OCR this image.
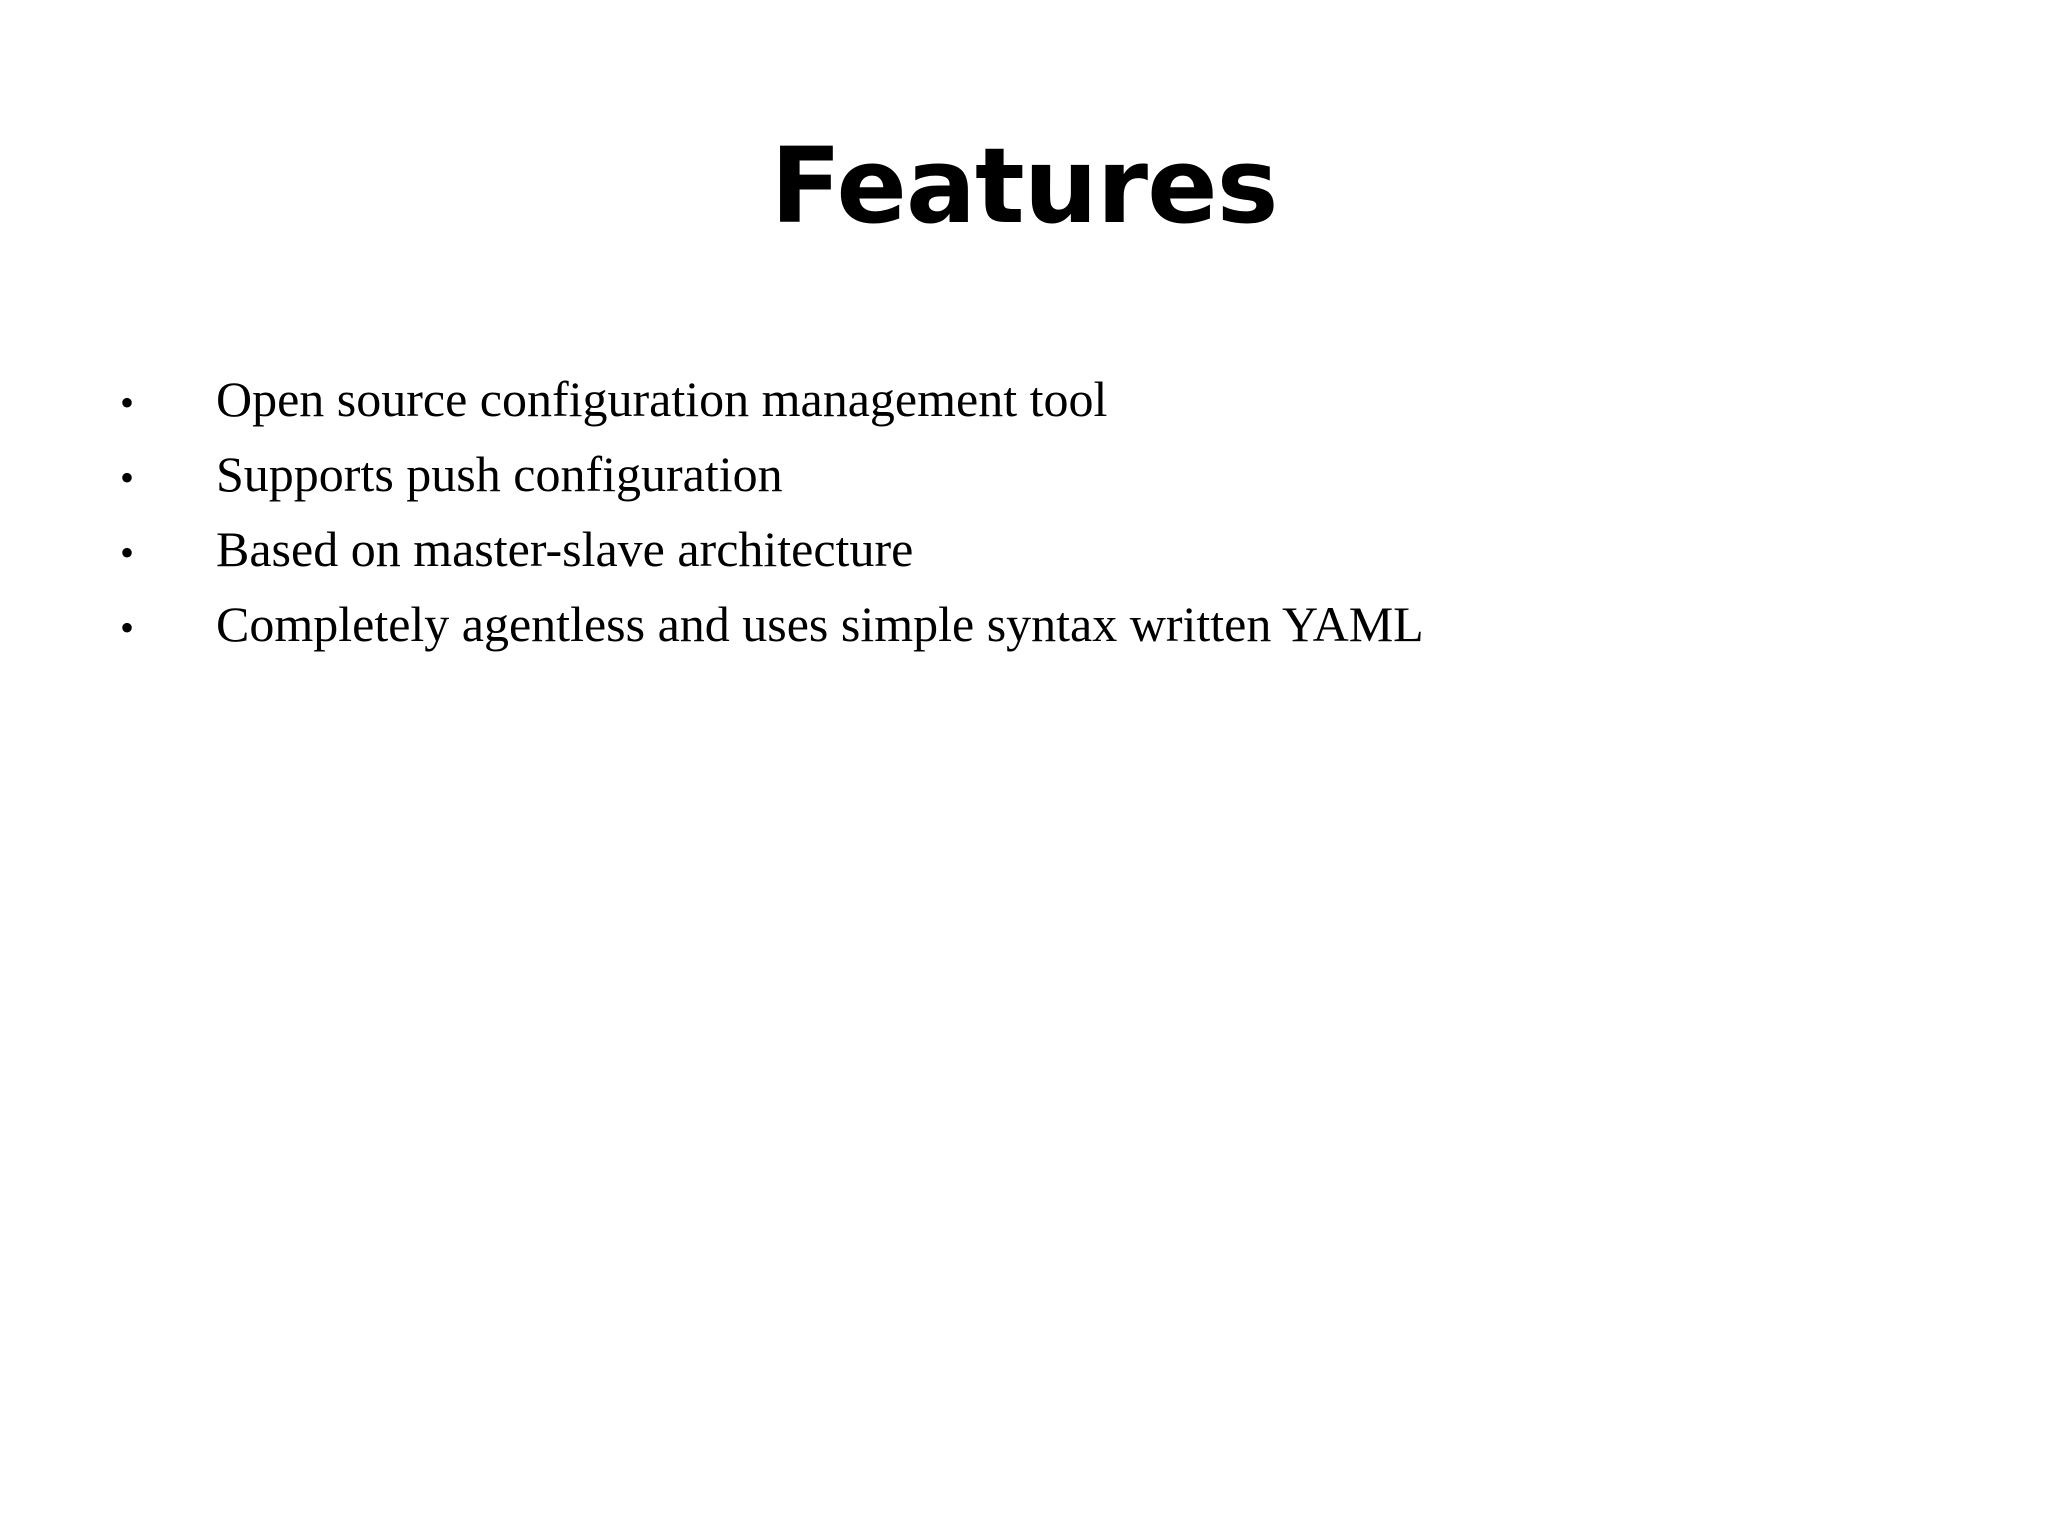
Features
•	Open source configuration management tool
•	Supports push configuration
•	Based on master-slave architecture
•	Completely agentless and uses simple syntax written YAML
